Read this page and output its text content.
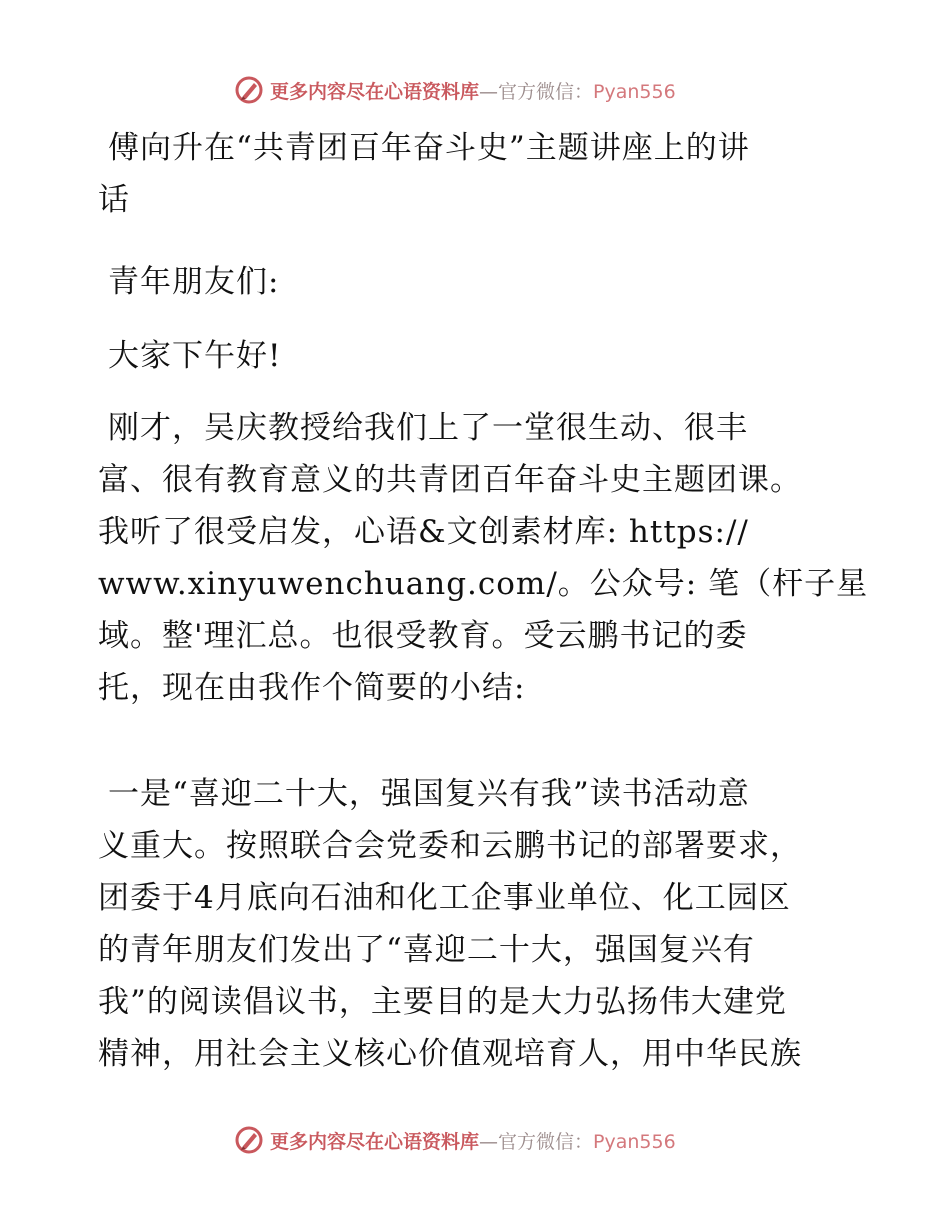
更多内容尽在心语资料库—官方微信：Pyan556
傅向升在“共青团百年奋斗史”主题讲座上的讲
话
青年朋友们:
大家下午好!
刚才，吴庆教授给我们上了一堂很生动、很丰
富、很有教育意义的共青团百年奋斗史主题团课。
我听了很受启发，心语&文创素材库: https://
www.xinyuwenchuang.com/。公众号: 笔（杆子星
域。整'理汇总。也很受教育。受云鹏书记的委
托，现在由我作个简要的小结:
一是“喜迎二十大，强国复兴有我”读书活动意
义重大。按照联合会党委和云鹏书记的部署要求，
团委于4月底向石油和化工企事业单位、化工园区
的青年朋友们发出了“喜迎二十大，强国复兴有
我”的阅读倡议书，主要目的是大力弘扬伟大建党
精神，用社会主义核心价值观培育人，用中华民族
更多内容尽在心语资料库—官方微信：Pyan556
